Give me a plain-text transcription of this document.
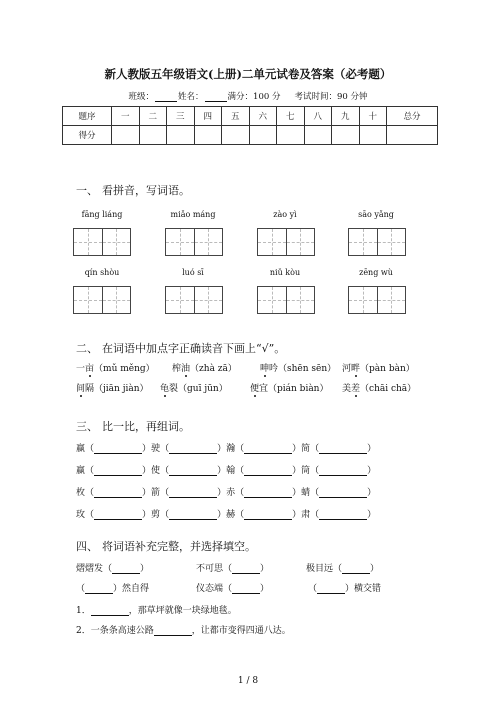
新人教版五年级语文(上册)二单元试卷及答案（必考题）
班级：	姓名：	满分：100 分 考试时间：90 分钟
题序	一	二	三	四	五	六	七	八	九	十	总分
得分											
一、 看拼音，写词语。
fāng liáng	miǎo máng	zào yì	sāo yǎng
qín shòu	luó sī	niǔ kòu	zēng wù
二、 在词语中加点字正确读音下画上“√”。
一亩（mǔ měng） 榨油（zhà zā）	呻吟（shēn sēn） 河畔（pàn bàn）
间隔（jiān jiàn） 龟裂（guī jūn） 便宜（pián biàn） 美差（chāi chā）
三、 比一比，再组词。
赢（	）驶（	）瀚（	）简（	）
赢（	）使（	）翰（	）筒（	）
枚（	）箭（	）赤（	）蜻（	）
玫（	）剪（	）赫（	）肃（	）
四、 将词语补充完整，并选择填空。
熠熠发（	）	不可思（	）	极目远（	）
（	）然自得	仪态端（	）	（	）横交错
1．	，那草坪就像一块绿地毯。
2．一条条高速公路	，让都市变得四通八达。
1 / 8
